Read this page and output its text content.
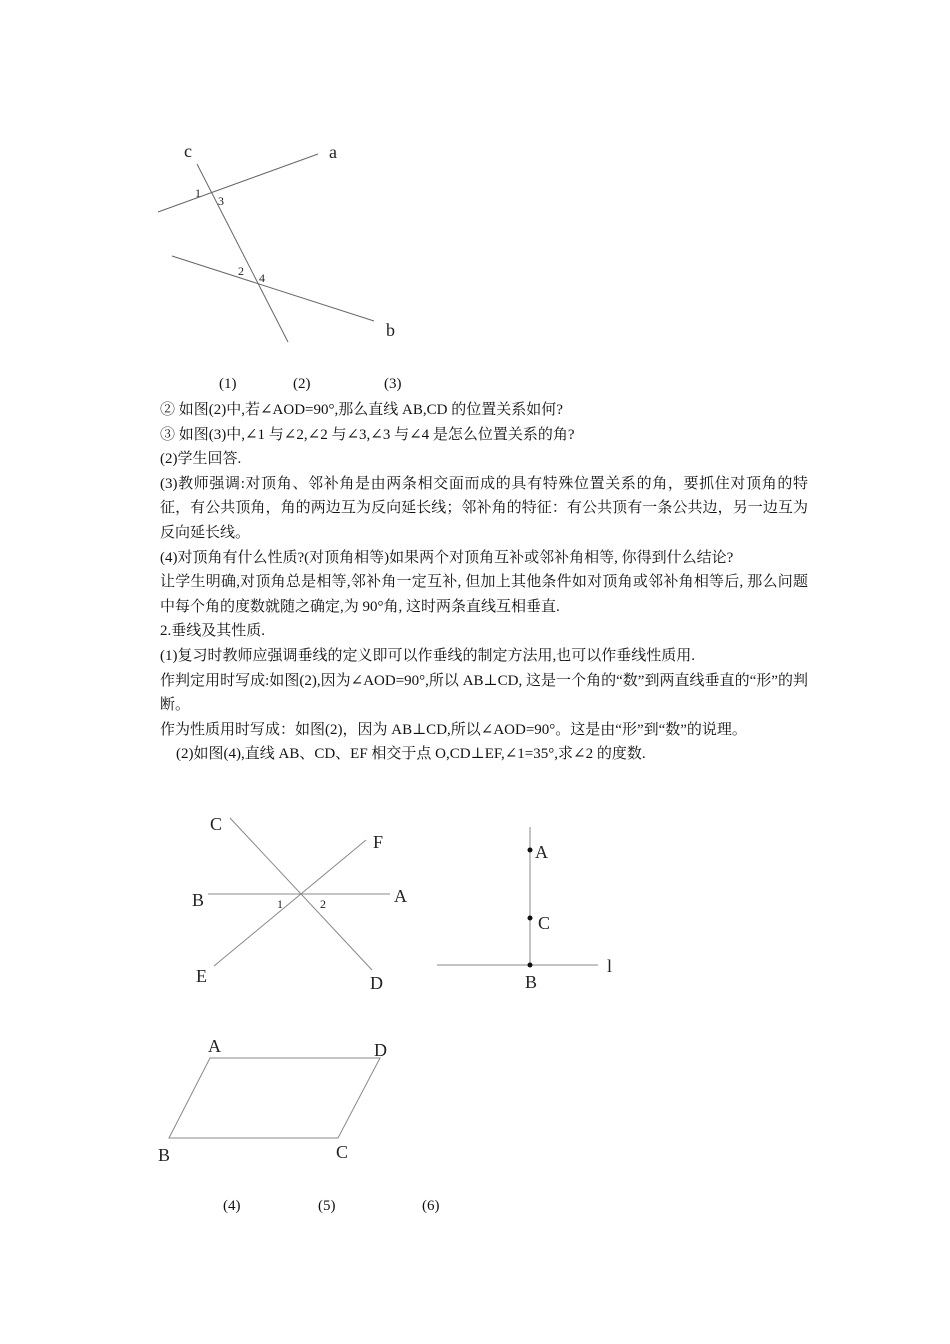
c	a
b
1
3
2 4
(1)	(2)	(3)

② 如图(2)中,若∠AOD=90°,那么直线 AB,CD 的位置关系如何?

③ 如图(3)中,∠1 与∠2,∠2 与∠3,∠3 与∠4 是怎么位置关系的角?

(2)学生回答.

(3)教师强调:对顶角、邻补角是由两条相交面而成的具有特殊位置关系的角，要抓住对顶角的特征，有公共顶角，角的两边互为反向延长线；邻补角的特征：有公共顶有一条公共边，另一边互为反向延长线。

(4)对顶角有什么性质?(对顶角相等)如果两个对顶角互补或邻补角相等, 你得到什么结论?

让学生明确,对顶角总是相等,邻补角一定互补, 但加上其他条件如对顶角或邻补角相等后, 那么问题中每个角的度数就随之确定,为 90°角, 这时两条直线互相垂直.

2.垂线及其性质.

(1)复习时教师应强调垂线的定义即可以作垂线的制定方法用,也可以作垂线性质用.

作判定用时写成:如图(2),因为∠AOD=90°,所以 AB⊥CD, 这是一个角的“数”到两直线垂直的“形”的判断。

作为性质用时写成：如图(2)，因为 AB⊥CD,所以∠AOD=90°。这是由“形”到“数”的说理。

(2)如图(4),直线 AB、CD、EF 相交于点 O,CD⊥EF,∠1=35°,求∠2 的度数.

C
F
B	A
E	D
1	2
A
C
B
l
A	D
B	C
(4)	(5)	(6)
